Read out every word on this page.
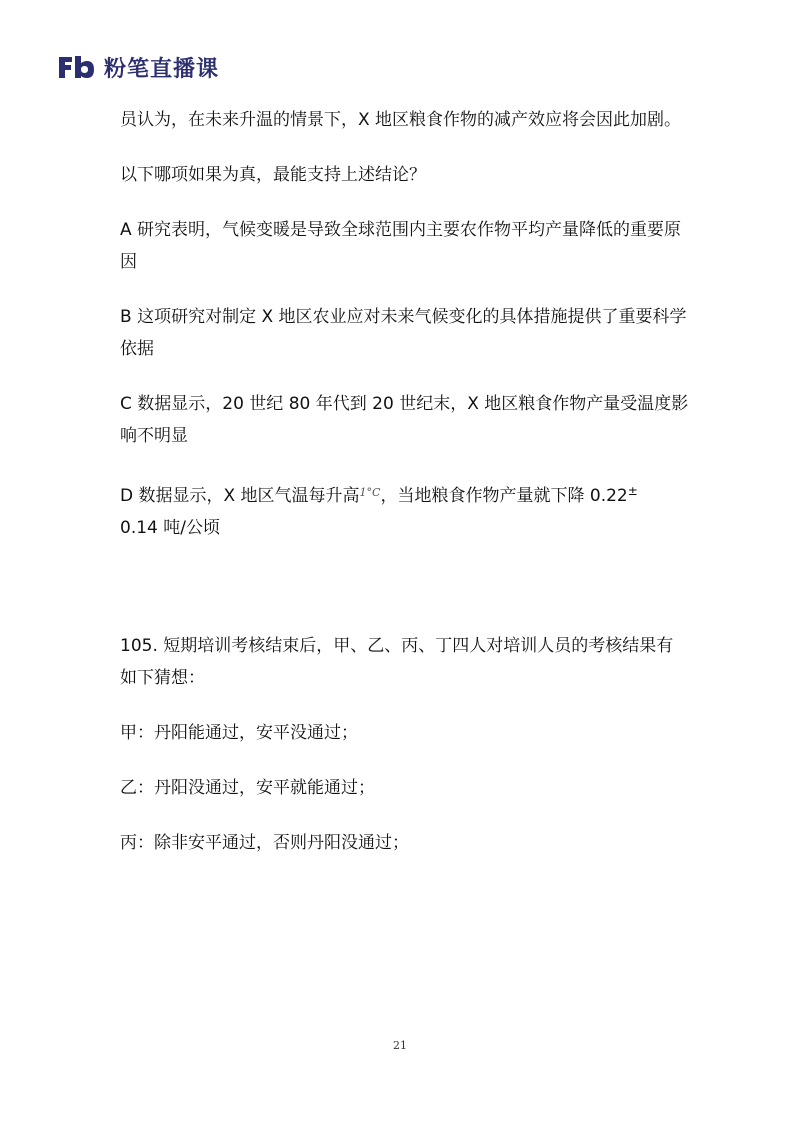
粉笔直播课

员认为，在未来升温的情景下，X 地区粮食作物的减产效应将会因此加剧。

以下哪项如果为真，最能支持上述结论？

A 研究表明，气候变暖是导致全球范围内主要农作物平均产量降低的重要原因

B 这项研究对制定 X 地区农业应对未来气候变化的具体措施提供了重要科学依据

C 数据显示，20 世纪 80 年代到 20 世纪末，X 地区粮食作物产量受温度影响不明显

D 数据显示，X 地区气温每升高$^{1^\circ C}$，当地粮食作物产量就下降 0.22±
0.14 吨/公顷

105. 短期培训考核结束后，甲、乙、丙、丁四人对培训人员的考核结果有如下猜想：

甲：丹阳能通过，安平没通过；

乙：丹阳没通过，安平就能通过；

丙：除非安平通过，否则丹阳没通过；

21
